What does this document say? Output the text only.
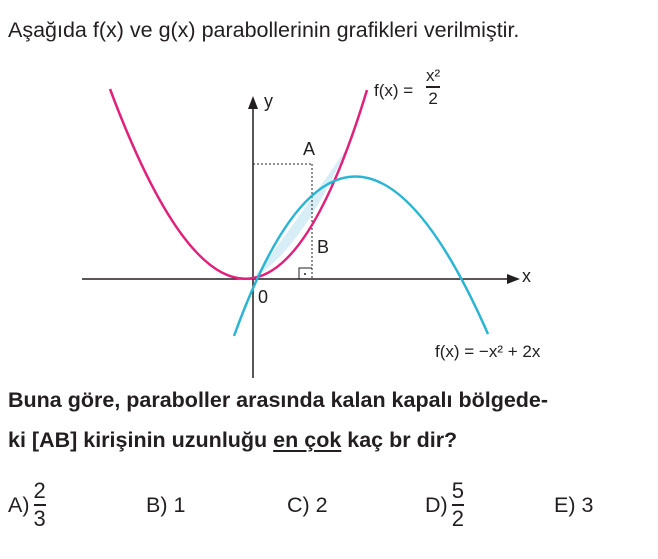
Aşağıda f(x) ve g(x) parabollerinin grafikleri verilmiştir.
y
x
0
A
B
f(x) =
x²
2
f(x) = −x² + 2x
Buna göre, paraboller arasında kalan kapalı bölgede-
ki [AB] kirişinin uzunluğu en çok kaç br dir?
A)
2
3
B) 1	C) 2	D)
5
2
E) 3
